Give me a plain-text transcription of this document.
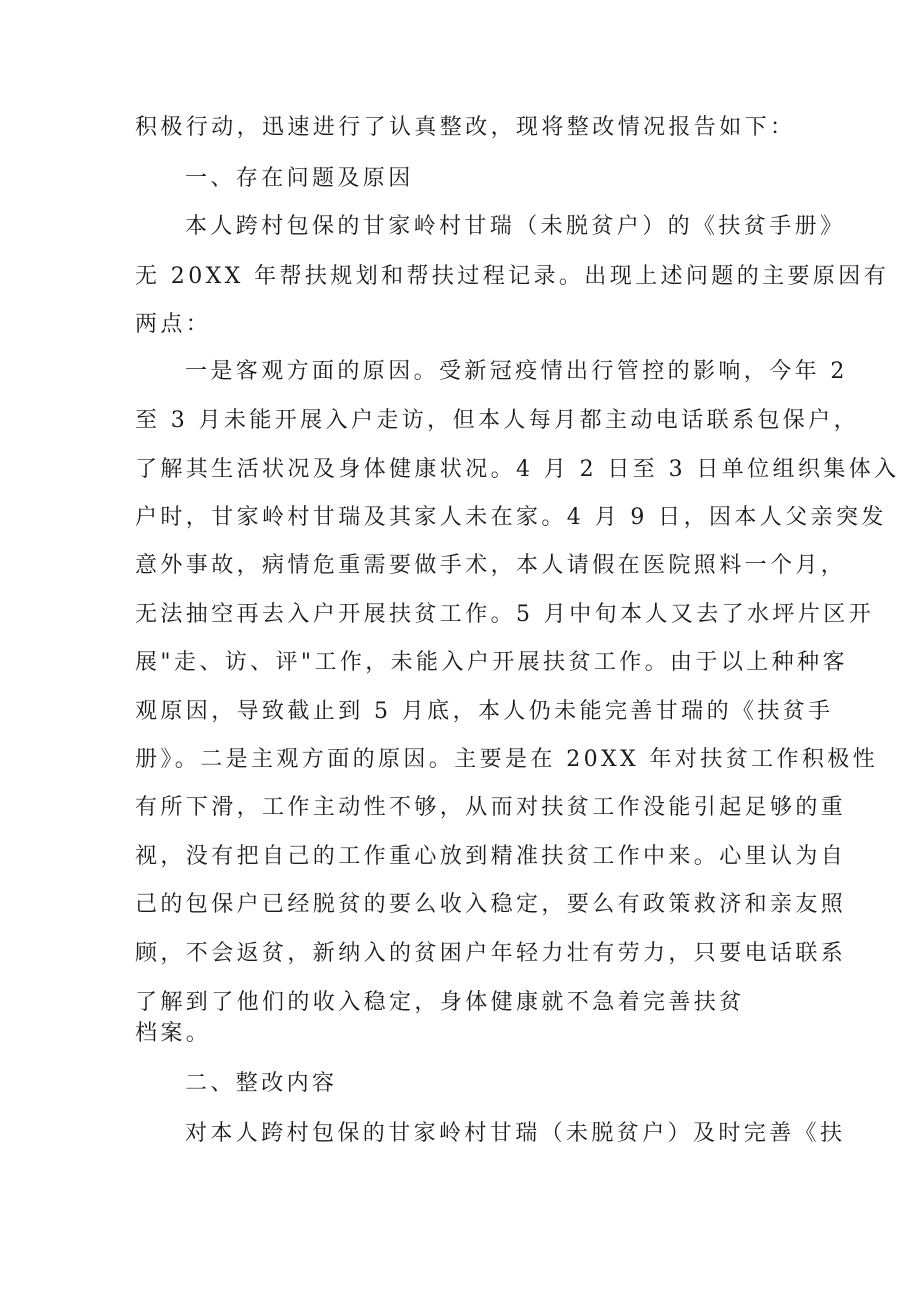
积极行动，迅速进行了认真整改，现将整改情况报告如下：
一、存在问题及原因
本人跨村包保的甘家岭村甘瑞（未脱贫户）的《扶贫手册》
无 20XX 年帮扶规划和帮扶过程记录。出现上述问题的主要原因有
两点：
一是客观方面的原因。受新冠疫情出行管控的影响，今年 2
至 3 月未能开展入户走访，但本人每月都主动电话联系包保户，
了解其生活状况及身体健康状况。4 月 2 日至 3 日单位组织集体入
户时，甘家岭村甘瑞及其家人未在家。4 月 9 日，因本人父亲突发
意外事故，病情危重需要做手术，本人请假在医院照料一个月，
无法抽空再去入户开展扶贫工作。5 月中旬本人又去了水坪片区开
展"走、访、评"工作，未能入户开展扶贫工作。由于以上种种客
观原因，导致截止到 5 月底，本人仍未能完善甘瑞的《扶贫手
册》。二是主观方面的原因。主要是在 20XX 年对扶贫工作积极性
有所下滑，工作主动性不够，从而对扶贫工作没能引起足够的重
视，没有把自己的工作重心放到精准扶贫工作中来。心里认为自
己的包保户已经脱贫的要么收入稳定，要么有政策救济和亲友照
顾，不会返贫，新纳入的贫困户年轻力壮有劳力，只要电话联系
了解到了他们的收入稳定，身体健康就不急着完善扶贫
档案。
二、整改内容
对本人跨村包保的甘家岭村甘瑞（未脱贫户）及时完善《扶
